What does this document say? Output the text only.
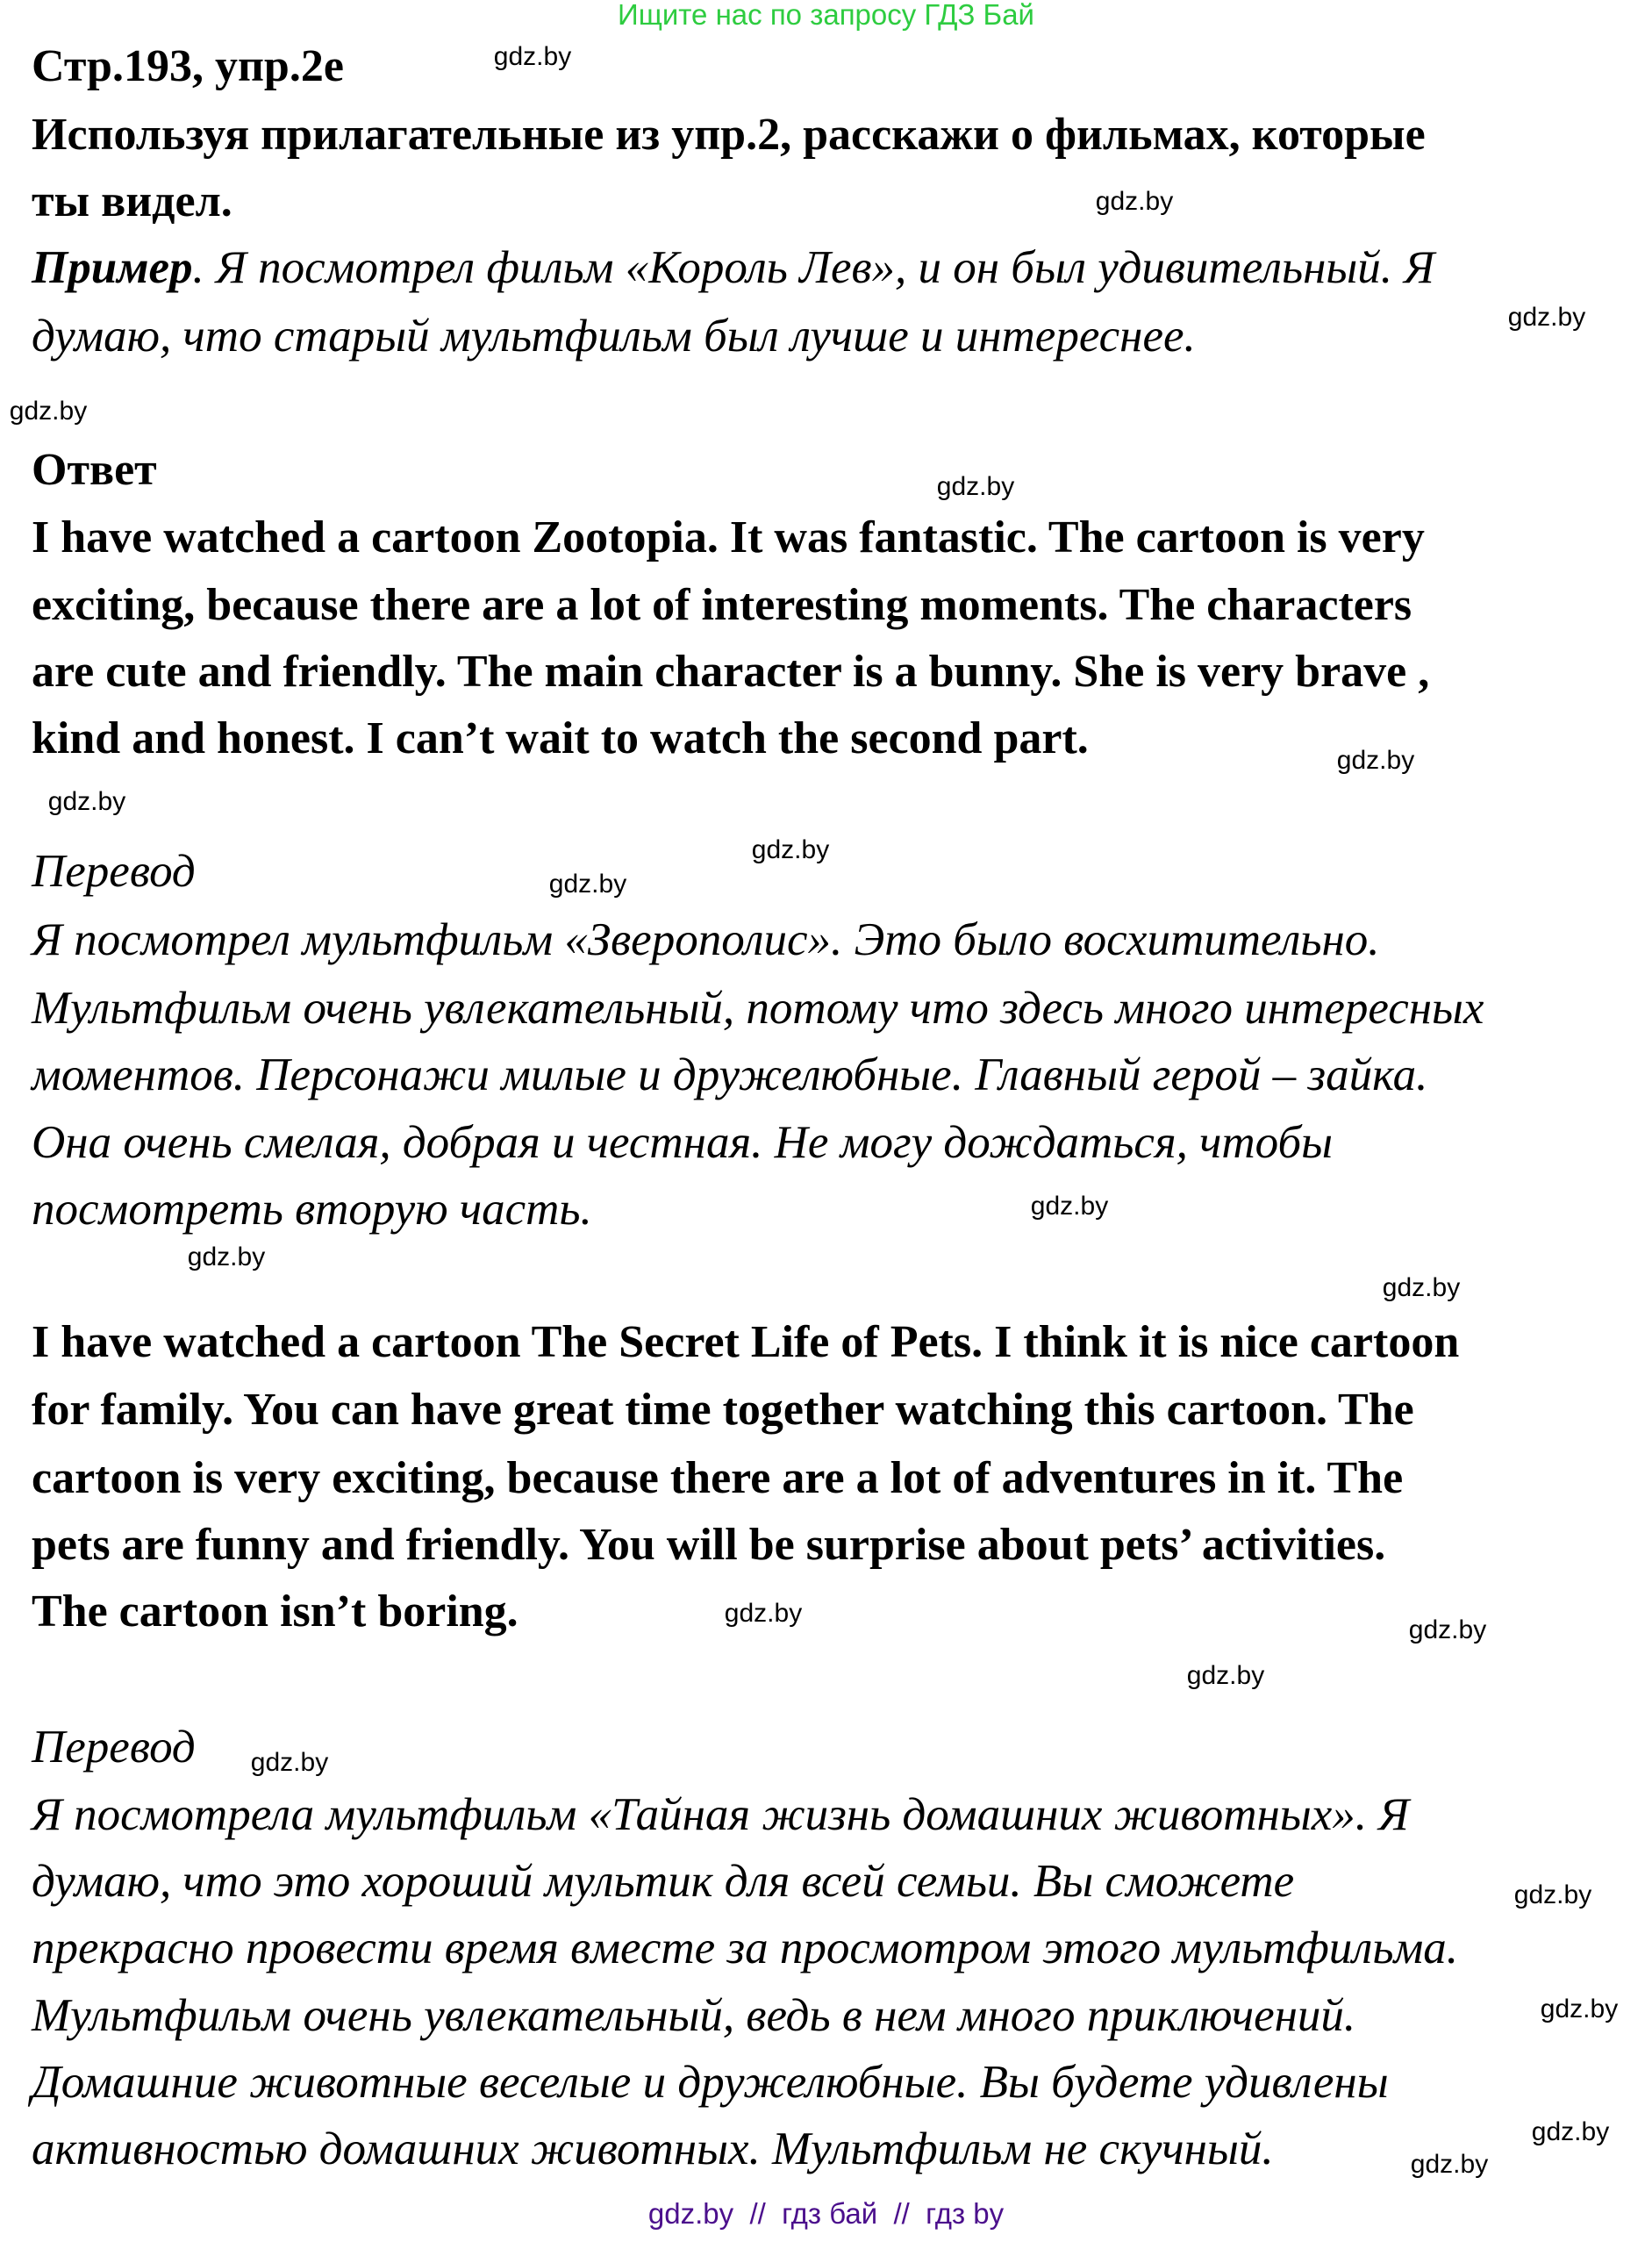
Ищите нас по запросу ГДЗ Бай
Стр.193, упр.2е
Используя прилагательные из упр.2, расскажи о фильмах, которые
ты видел.
Пример. Я посмотрел фильм «Король Лев», и он был удивительный. Я
думаю, что старый мультфильм был лучше и интереснее.
Ответ
I have watched a cartoon Zootopia. It was fantastic. The cartoon is very
exciting, because there are a lot of interesting moments. The characters
are cute and friendly. The main character is a bunny. She is very brave ,
kind and honest. I can’t wait to watch the second part.
Перевод
Я посмотрел мультфильм «Зверополис». Это было восхитительно.
Мультфильм очень увлекательный, потому что здесь много интересных
моментов. Персонажи милые и дружелюбные. Главный герой – зайка.
Она очень смелая, добрая и честная. Не могу дождаться, чтобы
посмотреть вторую часть.
I have watched a cartoon The Secret Life of Pets. I think it is nice cartoon
for family. You can have great time together watching this cartoon. The
cartoon is very exciting, because there are a lot of adventures in it. The
pets are funny and friendly. You will be surprise about pets’ activities.
The cartoon isn’t boring.
Перевод
Я посмотрела мультфильм «Тайная жизнь домашних животных». Я
думаю, что это хороший мультик для всей семьи. Вы сможете
прекрасно провести время вместе за просмотром этого мультфильма.
Мультфильм очень увлекательный, ведь в нем много приключений.
Домашние животные веселые и дружелюбные. Вы будете удивлены
активностью домашних животных. Мультфильм не скучный.
gdz.by
gdz.by
gdz.by
gdz.by
gdz.by
gdz.by
gdz.by
gdz.by
gdz.by
gdz.by
gdz.by
gdz.by
gdz.by
gdz.by
gdz.by
gdz.by
gdz.by
gdz.by
gdz.by
gdz.by
gdz.by  //  гдз бай  //  гдз by
